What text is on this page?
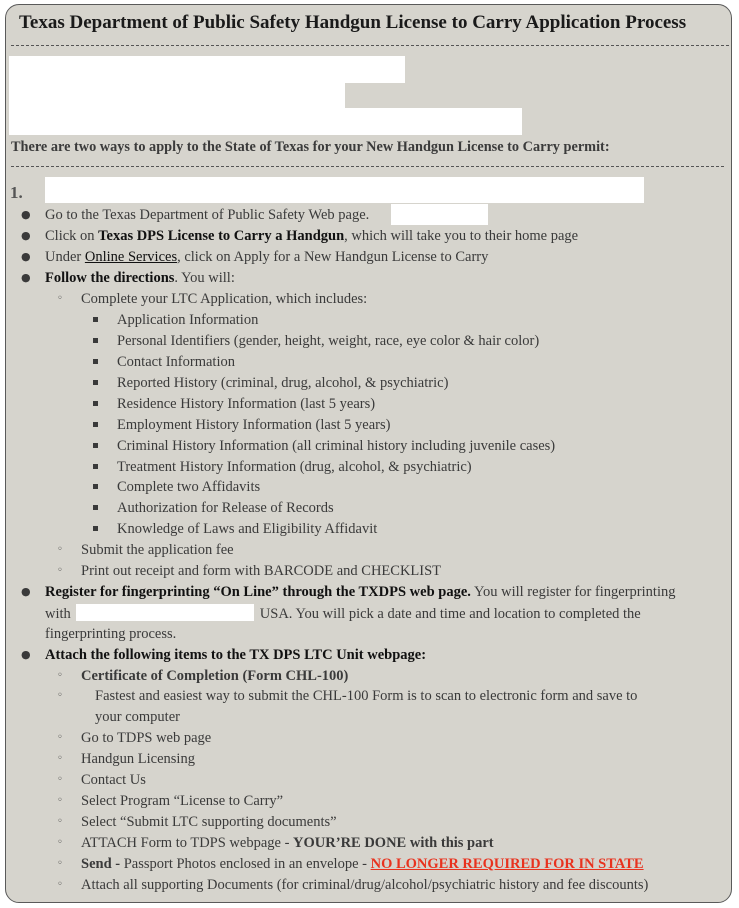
Texas Department of Public Safety Handgun License to Carry Application Process
There are two ways to apply to the State of Texas for your New Handgun License to Carry permit:
1.
● Go to the Texas Department of Public Safety Web page.
● Click on Texas DPS License to Carry a Handgun, which will take you to their home page
● Under Online Services, click on Apply for a New Handgun License to Carry
● Follow the directions. You will:
◦ Complete your LTC Application, which includes:
Application Information
Personal Identifiers (gender, height, weight, race, eye color & hair color)
Contact Information
Reported History (criminal, drug, alcohol, & psychiatric)
Residence History Information (last 5 years)
Employment History Information (last 5 years)
Criminal History Information (all criminal history including juvenile cases)
Treatment History Information (drug, alcohol, & psychiatric)
Complete two Affidavits
Authorization for Release of Records
Knowledge of Laws and Eligibility Affidavit
◦ Submit the application fee
◦ Print out receipt and form with BARCODE and CHECKLIST
● Register for fingerprinting “On Line” through the TXDPS web page. You will register for fingerprinting
with	USA. You will pick a date and time and location to completed the
fingerprinting process.
● Attach the following items to the TX DPS LTC Unit webpage:
◦ Certificate of Completion (Form CHL-100)
◦ Fastest and easiest way to submit the CHL-100 Form is to scan to electronic form and save to
your computer
◦ Go to TDPS web page
◦ Handgun Licensing
◦ Contact Us
◦ Select Program “License to Carry”
◦ Select “Submit LTC supporting documents”
◦ ATTACH Form to TDPS webpage - YOUR’RE DONE with this part
◦ Send - Passport Photos enclosed in an envelope - NO LONGER REQUIRED FOR IN STATE
◦ Attach all supporting Documents (for criminal/drug/alcohol/psychiatric history and fee discounts)
